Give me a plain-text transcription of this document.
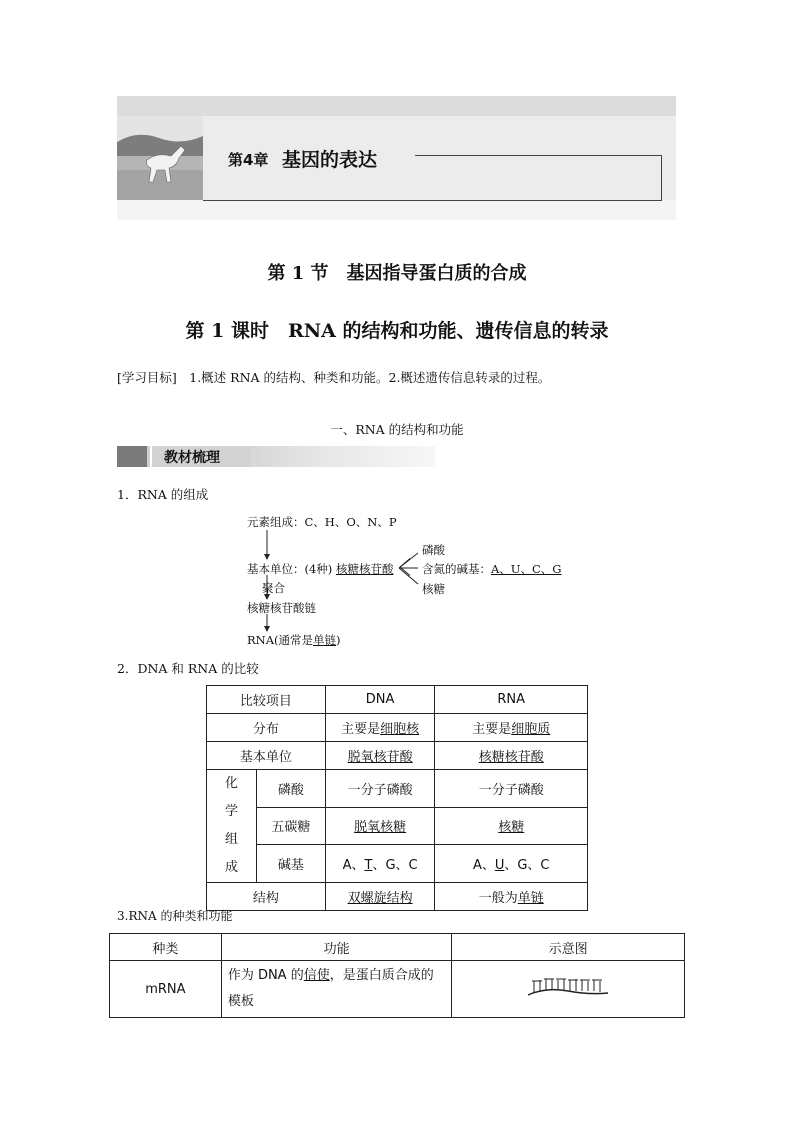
第4章 基因的表达
第 1 节　基因指导蛋白质的合成
第 1 课时　RNA 的结构和功能、遗传信息的转录
[学习目标]　1.概述 RNA 的结构、种类和功能。2.概述遗传信息转录的过程。
一、RNA 的结构和功能
教材梳理
1．RNA 的组成
元素组成：C、H、O、N、P
基本单位：(4种) 核糖核苷酸
磷酸
含氮的碱基：A、U、C、G
核糖
聚合
核糖核苷酸链
RNA(通常是单链)
2．DNA 和 RNA 的比较
比较项目		DNA	RNA
分布		主要是细胞核	主要是细胞质
基本单位		脱氧核苷酸	核糖核苷酸
化学组成	磷酸	一分子磷酸	一分子磷酸
	五碳糖	脱氧核糖	核糖
	碱基	A、T、G、C	A、U、G、C
结构		双螺旋结构	一般为单链
3.RNA 的种类和功能
种类	功能	示意图
mRNA	作为 DNA 的信使，是蛋白质合成的模板	
